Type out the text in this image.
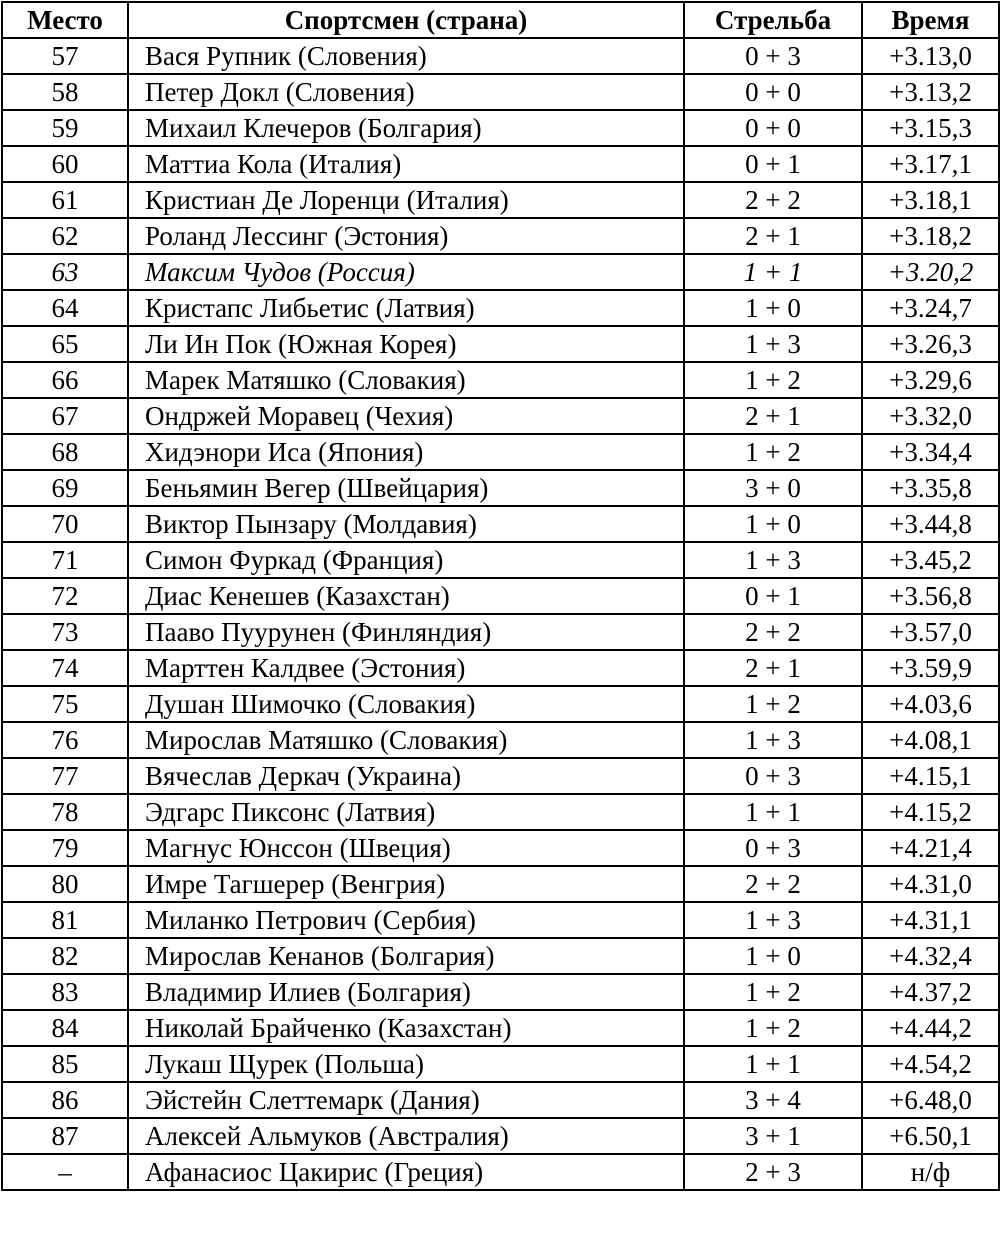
Место	Спортсмен (страна)	Стрельба	Время
57	Вася Рупник (Словения)	0 + 3	+3.13,0
58	Петер Докл (Словения)	0 + 0	+3.13,2
59	Михаил Клечеров (Болгария)	0 + 0	+3.15,3
60	Маттиа Кола (Италия)	0 + 1	+3.17,1
61	Кристиан Де Лоренци (Италия)	2 + 2	+3.18,1
62	Роланд Лессинг (Эстония)	2 + 1	+3.18,2
63	Максим Чудов (Россия)	1 + 1	+3.20,2
64	Кристапс Либьетис (Латвия)	1 + 0	+3.24,7
65	Ли Ин Пок (Южная Корея)	1 + 3	+3.26,3
66	Марек Матяшко (Словакия)	1 + 2	+3.29,6
67	Ондржей Моравец (Чехия)	2 + 1	+3.32,0
68	Хидэнори Иса (Япония)	1 + 2	+3.34,4
69	Беньямин Вегер (Швейцария)	3 + 0	+3.35,8
70	Виктор Пынзару (Молдавия)	1 + 0	+3.44,8
71	Симон Фуркад (Франция)	1 + 3	+3.45,2
72	Диас Кенешев (Казахстан)	0 + 1	+3.56,8
73	Пааво Пуурунен (Финляндия)	2 + 2	+3.57,0
74	Марттен Калдвее (Эстония)	2 + 1	+3.59,9
75	Душан Шимочко (Словакия)	1 + 2	+4.03,6
76	Мирослав Матяшко (Словакия)	1 + 3	+4.08,1
77	Вячеслав Деркач (Украина)	0 + 3	+4.15,1
78	Эдгарс Пиксонс (Латвия)	1 + 1	+4.15,2
79	Магнус Юнссон (Швеция)	0 + 3	+4.21,4
80	Имре Тагшерер (Венгрия)	2 + 2	+4.31,0
81	Миланко Петрович (Сербия)	1 + 3	+4.31,1
82	Мирослав Кенанов (Болгария)	1 + 0	+4.32,4
83	Владимир Илиев (Болгария)	1 + 2	+4.37,2
84	Николай Брайченко (Казахстан)	1 + 2	+4.44,2
85	Лукаш Щурек (Польша)	1 + 1	+4.54,2
86	Эйстейн Слеттемарк (Дания)	3 + 4	+6.48,0
87	Алексей Альмуков (Австралия)	3 + 1	+6.50,1
–	Афанасиос Цакирис (Греция)	2 + 3	н/ф
